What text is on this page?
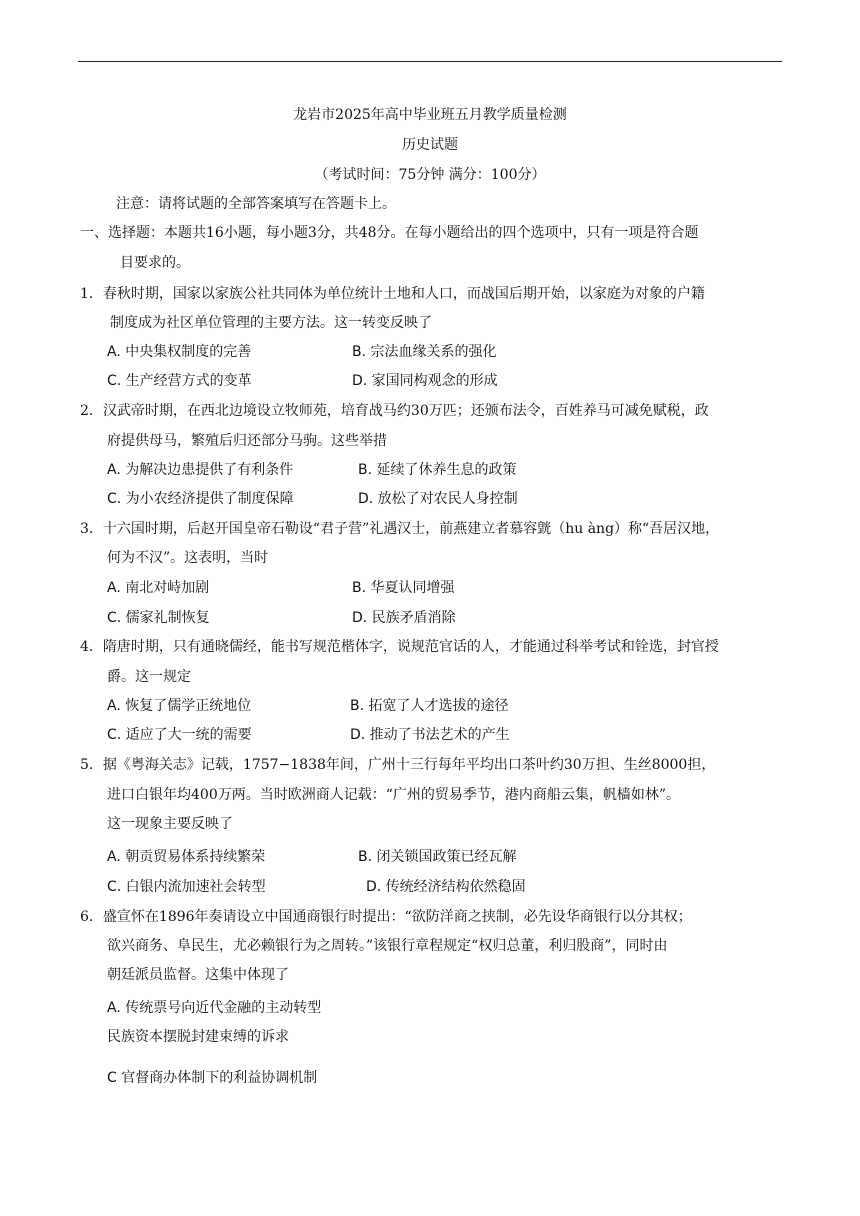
龙岩市2025年高中毕业班五月教学质量检测
历史试题
（考试时间：75分钟 满分：100分）
注意：请将试题的全部答案填写在答题卡上。
一、选择题：本题共16小题，每小题3分，共48分。在每小题给出的四个选项中，只有一项是符合题
目要求的。
1．春秋时期，国家以家族公社共同体为单位统计土地和人口，而战国后期开始，以家庭为对象的户籍
制度成为社区单位管理的主要方法。这一转变反映了
A. 中央集权制度的完善	B. 宗法血缘关系的强化
C. 生产经营方式的变革	D. 家国同构观念的形成
2．汉武帝时期，在西北边境设立牧师苑，培育战马约30万匹；还颁布法令，百姓养马可减免赋税，政
府提供母马，繁殖后归还部分马驹。这些举措
A. 为解决边患提供了有利条件	B. 延续了休养生息的政策
C. 为小农经济提供了制度保障	D. 放松了对农民人身控制
3．十六国时期，后赵开国皇帝石勒设“君子营”礼遇汉士，前燕建立者慕容皝（hu àng）称“吾居汉地，
何为不汉”。这表明，当时
A. 南北对峙加剧	B. 华夏认同增强
C. 儒家礼制恢复	D. 民族矛盾消除
4．隋唐时期，只有通晓儒经，能书写规范楷体字，说规范官话的人，才能通过科举考试和铨选，封官授
爵。这一规定
A. 恢复了儒学正统地位	B. 拓宽了人才选拔的途径
C. 适应了大一统的需要	D. 推动了书法艺术的产生
5．据《粤海关志》记载，1757−1838年间，广州十三行每年平均出口茶叶约30万担、生丝8000担，
进口白银年均400万两。当时欧洲商人记载：“广州的贸易季节，港内商船云集，帆樯如林”。
这一现象主要反映了
A. 朝贡贸易体系持续繁荣	B. 闭关锁国政策已经瓦解
C. 白银内流加速社会转型	D. 传统经济结构依然稳固
6．盛宣怀在1896年奏请设立中国通商银行时提出：“欲防洋商之挟制，必先设华商银行以分其权；
欲兴商务、阜民生，尤必赖银行为之周转。”该银行章程规定“权归总董，利归股商”，同时由
朝廷派员监督。这集中体现了
A. 传统票号向近代金融的主动转型
民族资本摆脱封建束缚的诉求
C 官督商办体制下的利益协调机制
